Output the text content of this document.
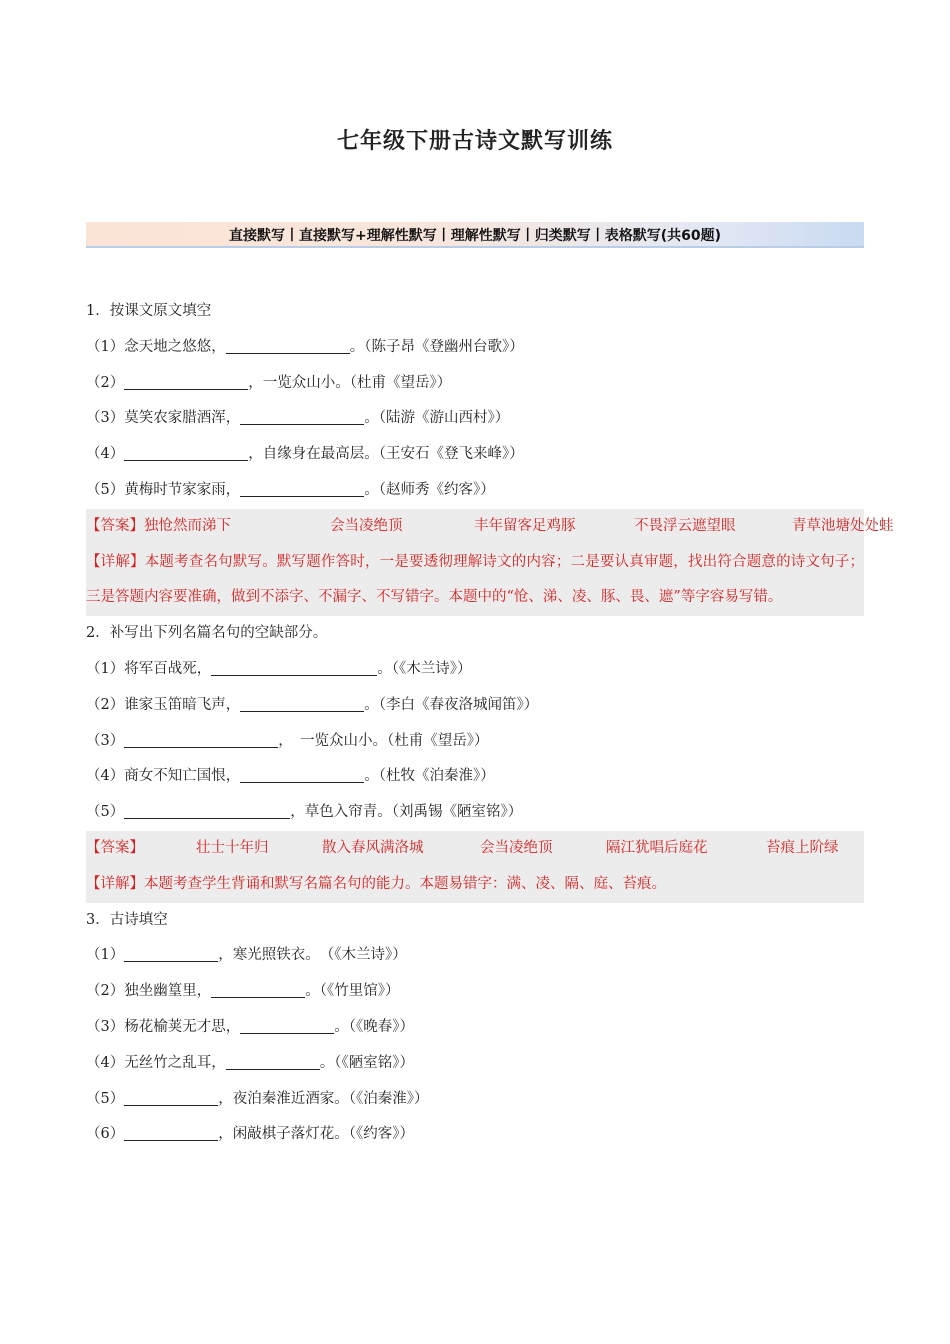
七年级下册古诗文默写训练
直接默写丨直接默写+理解性默写丨理解性默写丨归类默写丨表格默写(共60题)
1．按课文原文填空
（1）念天地之悠悠，	。（陈子昂《登幽州台歌》）
（2）	，一览众山小。（杜甫《望岳》）
（3）莫笑农家腊酒浑，	。（陆游《游山西村》）
（4）	，自缘身在最高层。（王安石《登飞来峰》）
（5）黄梅时节家家雨，	。（赵师秀《约客》）
【答案】独怆然而涕下	会当凌绝顶	丰年留客足鸡豚	不畏浮云遮望眼	青草池塘处处蛙
【详解】本题考查名句默写。默写题作答时，一是要透彻理解诗文的内容；二是要认真审题，找出符合题意的诗文句子；三是答题内容要准确，做到不添字、不漏字、不写错字。本题中的“怆、涕、凌、豚、畏、遮”等字容易写错。
2．补写出下列名篇名句的空缺部分。
（1）将军百战死，	。（《木兰诗》）
（2）谁家玉笛暗飞声，	。（李白《春夜洛城闻笛》）
（3）	，　一览众山小。（杜甫《望岳》）
（4）商女不知亡国恨，	。（杜牧《泊秦淮》）
（5）	，草色入帘青。（刘禹锡《陋室铭》）
【答案】	壮士十年归	散入春风满洛城	会当凌绝顶	隔江犹唱后庭花	苔痕上阶绿
【详解】本题考查学生背诵和默写名篇名句的能力。本题易错字：满、凌、隔、庭、苔痕。
3．古诗填空
（1）	，寒光照铁衣。　（《木兰诗》）
（2）独坐幽篁里，	。（《竹里馆》）
（3）杨花榆荚无才思，	。（《晚春》）
（4）无丝竹之乱耳，	。（《陋室铭》）
（5）	，夜泊秦淮近酒家。（《泊秦淮》）
（6）	，闲敲棋子落灯花。（《约客》）
